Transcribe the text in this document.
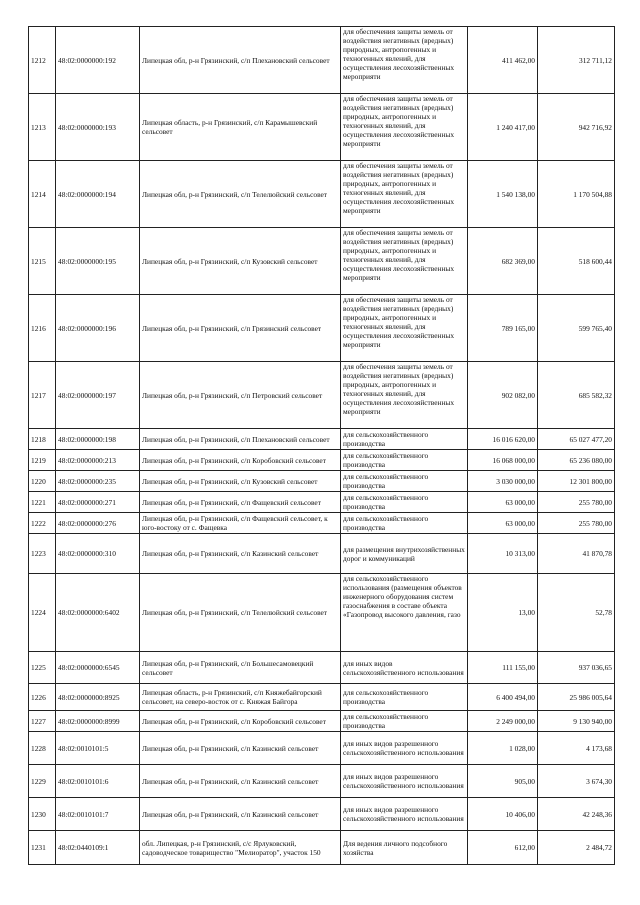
1212	48:02:0000000:192	Липецкая обл, р-н Грязинский, с/п Плехановский сельсовет	для обеспечения защиты земель от воздействия негативных (вредных) природных, антропогенных и техногенных явлений, для осуществления лесохозяйственных мероприяти	411 462,00	312 711,12
1213	48:02:0000000:193	Липецкая область, р-н Грязинский, с/п Карамышевский сельсовет	для обеспечения защиты земель от воздействия негативных (вредных) природных, антропогенных и техногенных явлений, для осуществления лесохозяйственных мероприяти	1 240 417,00	942 716,92
1214	48:02:0000000:194	Липецкая обл, р-н Грязинский, с/п Телелюйский сельсовет	для обеспечения защиты земель от воздействия негативных (вредных) природных, антропогенных и техногенных явлений, для осуществления лесохозяйственных мероприяти	1 540 138,00	1 170 504,88
1215	48:02:0000000:195	Липецкая обл, р-н Грязинский, с/п Кузовский сельсовет	для обеспечения защиты земель от воздействия негативных (вредных) природных, антропогенных и техногенных явлений, для осуществления лесохозяйственных мероприяти	682 369,00	518 600,44
1216	48:02:0000000:196	Липецкая обл, р-н Грязинский, с/п Грязинский сельсовет	для обеспечения защиты земель от воздействия негативных (вредных) природных, антропогенных и техногенных явлений, для осуществления лесохозяйственных мероприяти	789 165,00	599 765,40
1217	48:02:0000000:197	Липецкая обл, р-н Грязинский, с/п Петровский сельсовет	для обеспечения защиты земель от воздействия негативных (вредных) природных, антропогенных и техногенных явлений, для осуществления лесохозяйственных мероприяти	902 082,00	685 582,32
1218	48:02:0000000:198	Липецкая обл, р-н Грязинский, с/п Плехановский сельсовет	для сельскохозяйственного производства	16 016 620,00	65 027 477,20
1219	48:02:0000000:213	Липецкая обл, р-н Грязинский, с/п Коробовский сельсовет	для сельскохозяйственного производства	16 068 000,00	65 236 080,00
1220	48:02:0000000:235	Липецкая обл, р-н Грязинский, с/п Кузовский сельсовет	для сельскохозяйственного производства	3 030 000,00	12 301 800,00
1221	48:02:0000000:271	Липецкая обл, р-н Грязинский, с/п Фащевский сельсовет	для сельскохозяйственного производства	63 000,00	255 780,00
1222	48:02:0000000:276	Липецкая обл, р-н Грязинский, с/п Фащевский сельсовет, к юго-востоку от с. Фащевка	для сельскохозяйственного производства	63 000,00	255 780,00
1223	48:02:0000000:310	Липецкая обл, р-н Грязинский, с/п Казинский сельсовет	для размещения внутрихозяйственных дорог и коммуникаций	10 313,00	41 870,78
1224	48:02:0000000:6402	Липецкая обл, р-н Грязинский, с/п Телелюйский сельсовет	для сельскохозяйственного использования (размещения объектов инженерного оборудования систем газоснабжения в составе объекта «Газопровод высокого давления, газо	13,00	52,78
1225	48:02:0000000:6545	Липецкая обл, р-н Грязинский, с/п Большесамовецкий сельсовет	для иных видов сельскохозяйственного использования	111 155,00	937 036,65
1226	48:02:0000000:8925	Липецкая область, р-н Грязинский, с/п Княжебайгорский сельсовет, на северо-восток от с. Княжая Байгора	для сельскохозяйственного производства	6 400 494,00	25 986 005,64
1227	48:02:0000000:8999	Липецкая обл, р-н Грязинский, с/п Коробовский сельсовет	для сельскохозяйственного производства	2 249 000,00	9 130 940,00
1228	48:02:0010101:5	Липецкая обл, р-н Грязинский, с/п Казинский сельсовет	для иных видов разрешенного сельскохозяйственного использования	1 028,00	4 173,68
1229	48:02:0010101:6	Липецкая обл, р-н Грязинский, с/п Казинский сельсовет	для иных видов разрешенного сельскохозяйственного использования	905,00	3 674,30
1230	48:02:0010101:7	Липецкая обл, р-н Грязинский, с/п Казинский сельсовет	для иных видов разрешенного сельскохозяйственного использования	10 406,00	42 248,36
1231	48:02:0440109:1	обл. Липецкая, р-н Грязинский, с/с Ярлуковский, садоводческое товарищество "Мелиоратор", участок 150	Для ведения личного подсобного хозяйства	612,00	2 484,72
